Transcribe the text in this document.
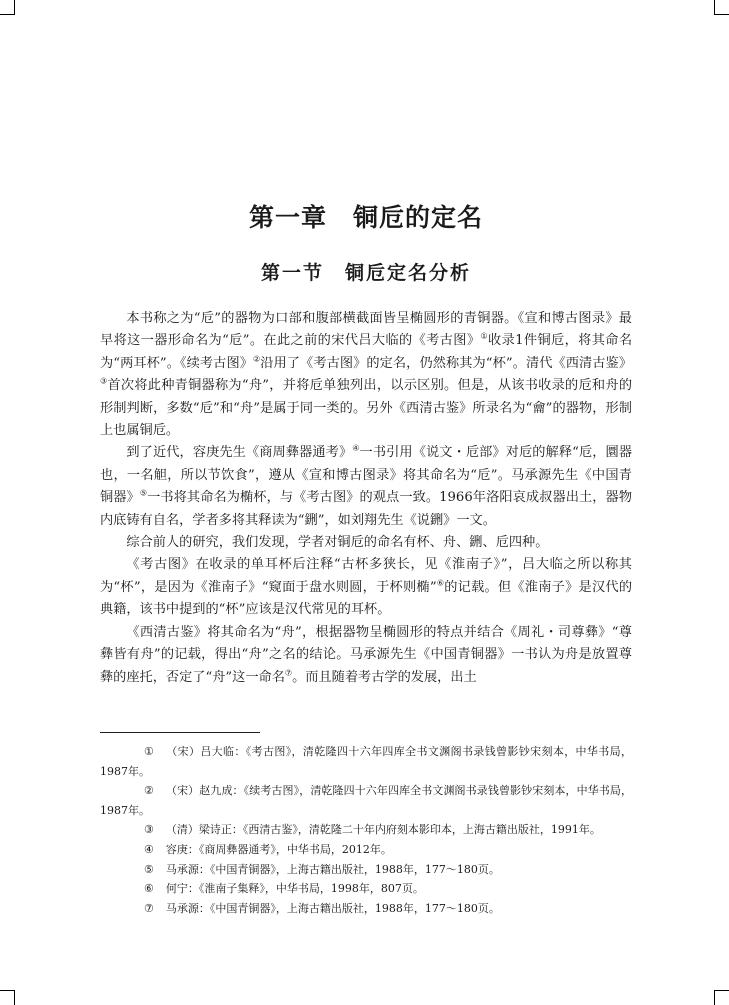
第一章　铜卮的定名
第一节　铜卮定名分析

本书称之为“卮”的器物为口部和腹部横截面皆呈椭圆形的青铜器。《宣和博古图录》最早将这一器形命名为“卮”。在此之前的宋代吕大临的《考古图》①收录1件铜卮，将其命名为“两耳杯”。《续考古图》②沿用了《考古图》的定名，仍然称其为“杯”。清代《西清古鉴》③首次将此种青铜器称为“舟”，并将卮单独列出，以示区别。但是，从该书收录的卮和舟的形制判断，多数“卮”和“舟”是属于同一类的。另外《西清古鉴》所录名为“龠”的器物，形制上也属铜卮。

到了近代，容庚先生《商周彝器通考》④一书引用《说文・卮部》对卮的解释“卮，圜器也，一名觛，所以节饮食”，遵从《宣和博古图录》将其命名为“卮”。马承源先生《中国青铜器》⑤一书将其命名为椭杯，与《考古图》的观点一致。1966年洛阳哀成叔器出土，器物内底铸有自名，学者多将其释读为“鉶”，如刘翔先生《说鉶》一文。

综合前人的研究，我们发现，学者对铜卮的命名有杯、舟、鉶、卮四种。

《考古图》在收录的单耳杯后注释“古杯多狭长，见《淮南子》”，吕大临之所以称其为“杯”，是因为《淮南子》“窥面于盘水则圆，于杯则椭”⑥的记载。但《淮南子》是汉代的典籍，该书中提到的“杯”应该是汉代常见的耳杯。

《西清古鉴》将其命名为“舟”，根据器物呈椭圆形的特点并结合《周礼・司尊彝》“尊彝皆有舟”的记载，得出“舟”之名的结论。马承源先生《中国青铜器》一书认为舟是放置尊彝的座托，否定了“舟”这一命名⑦。而且随着考古学的发展，出土

① （宋）吕大临：《考古图》，清乾隆四十六年四库全书文渊阁书录钱曾影钞宋刻本，中华书局，1987年。

② （宋）赵九成：《续考古图》，清乾隆四十六年四库全书文渊阁书录钱曾影钞宋刻本，中华书局，1987年。

③ （清）梁诗正：《西清古鉴》，清乾隆二十年内府刻本影印本，上海古籍出版社，1991年。

④ 容庚：《商周彝器通考》，中华书局，2012年。

⑤ 马承源：《中国青铜器》，上海古籍出版社，1988年，177～180页。

⑥ 何宁：《淮南子集释》，中华书局，1998年，807页。

⑦ 马承源：《中国青铜器》，上海古籍出版社，1988年，177～180页。
